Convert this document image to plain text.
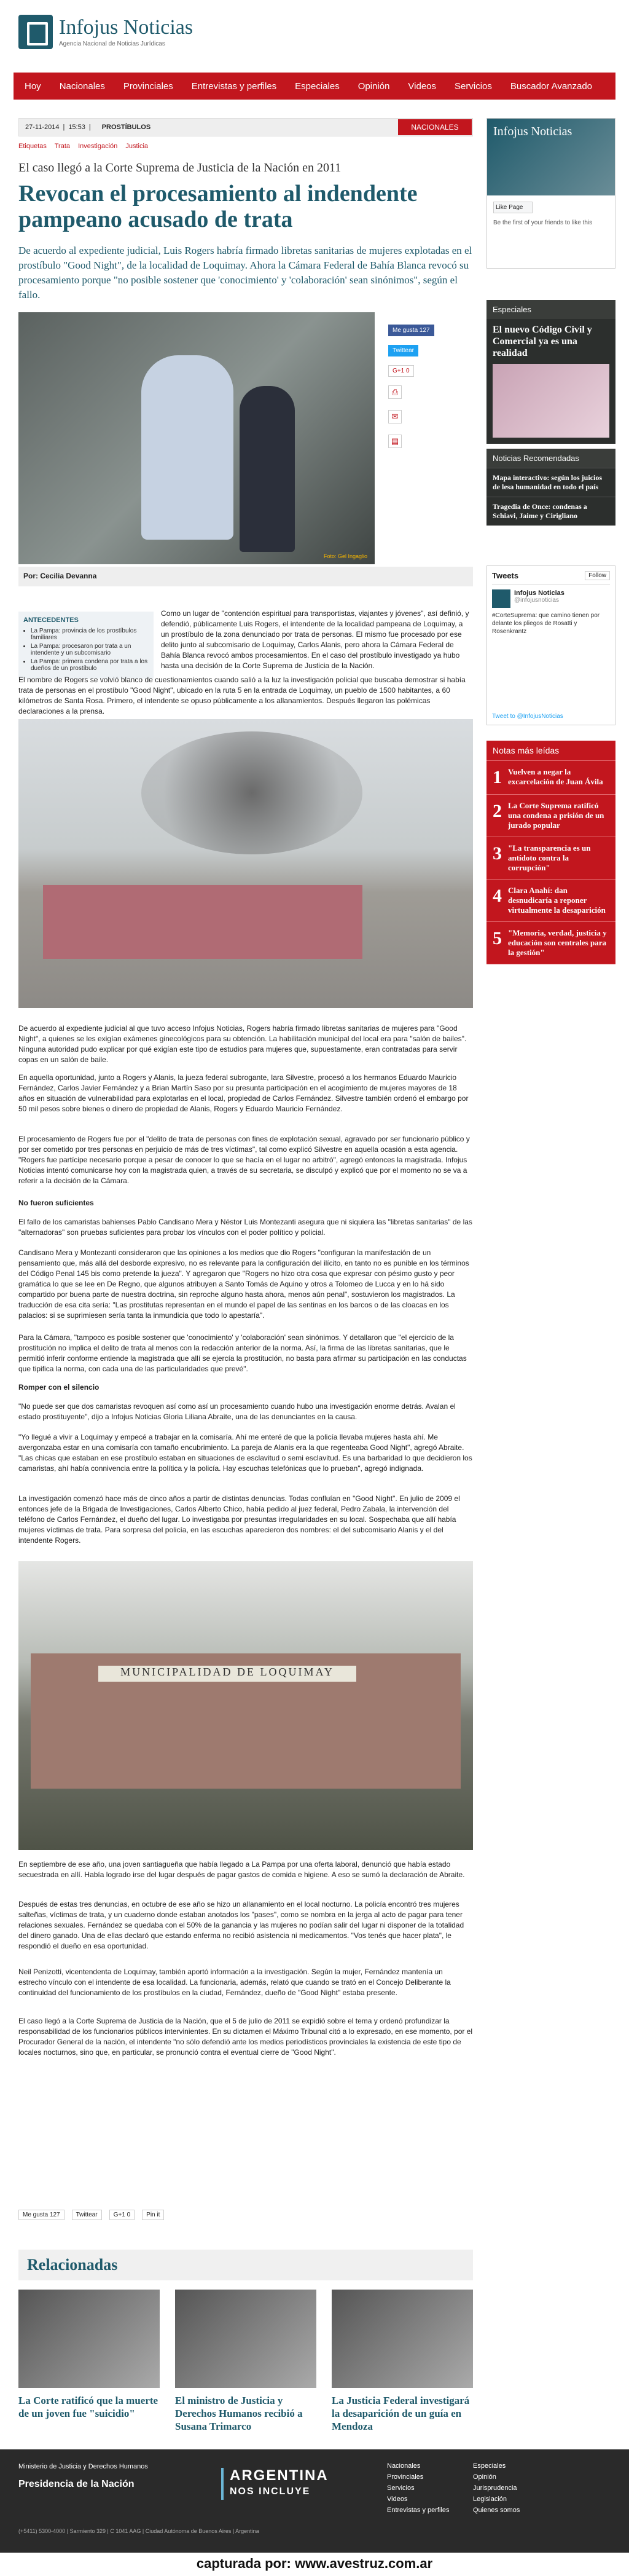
Infojus Noticias
Agencia Nacional de Noticias Jurídicas
Hoy Nacionales Provinciales Entrevistas y perfiles Especiales Opinión Videos Servicios Buscador Avanzado
27-11-2014 | 15:53 | PROSTÍBULOS	NACIONALES
Etiquetas Trata Investigación Justicia
El caso llegó a la Corte Suprema de Justicia de la Nación en 2011
Revocan el procesamiento al indendente pampeano acusado de trata
De acuerdo al expediente judicial, Luis Rogers habría firmado libretas sanitarias de mujeres explotadas en el prostíbulo "Good Night", de la localidad de Loquimay. Ahora la Cámara Federal de Bahía Blanca revocó su procesamiento porque "no posible sostener que 'conocimiento' y 'colaboración' sean sinónimos", según el fallo.
Foto: Gel Ingaglio
Por: Cecilia Devanna
Me gusta 127
Twittear
G+1 0
⎙
✉
▤
ANTECEDENTES
• La Pampa: provincia de los prostíbulos familiares
• La Pampa: procesaron por trata a un intendente y un subcomisario
• La Pampa: primera condena por trata a los dueños de un prostíbulo

Como un lugar de "contención espiritual para transportistas, viajantes y jóvenes", así definió, y defendió, públicamente Luis Rogers, el intendente de la localidad pampeana de Loquimay, a un prostíbulo de la zona denunciado por trata de personas. El mismo fue procesado por ese delito junto al subcomisario de Loquimay, Carlos Alanis, pero ahora la Cámara Federal de Bahía Blanca revocó ambos procesamientos. En el caso del prostíbulo investigado ya hubo hasta una decisión de la Corte Suprema de Justicia de la Nación.

El nombre de Rogers se volvió blanco de cuestionamientos cuando salió a la luz la investigación policial que buscaba demostrar si había trata de personas en el prostíbulo "Good Night", ubicado en la ruta 5 en la entrada de Loquimay, un pueblo de 1500 habitantes, a 60 kilómetros de Santa Rosa. Primero, el intendente se opuso públicamente a los allanamientos. Después llegaron las polémicas declaraciones a la prensa.

De acuerdo al expediente judicial al que tuvo acceso Infojus Noticias, Rogers habría firmado libretas sanitarias de mujeres para "Good Night", a quienes se les exigían exámenes ginecológicos para su obtención. La habilitación municipal del local era para "salón de bailes". Ninguna autoridad pudo explicar por qué exigían este tipo de estudios para mujeres que, supuestamente, eran contratadas para servir copas en un salón de baile.

En aquella oportunidad, junto a Rogers y Alanis, la jueza federal subrogante, Iara Silvestre, procesó a los hermanos Eduardo Mauricio Fernández, Carlos Javier Fernández y a Brian Martín Saso por su presunta participación en el acogimiento de mujeres mayores de 18 años en situación de vulnerabilidad para explotarlas en el local, propiedad de Carlos Fernández. Silvestre también ordenó el embargo por 50 mil pesos sobre bienes o dinero de propiedad de Alanis, Rogers y Eduardo Mauricio Fernández.

El procesamiento de Rogers fue por el "delito de trata de personas con fines de explotación sexual, agravado por ser funcionario público y por ser cometido por tres personas en perjuicio de más de tres víctimas", tal como explicó Silvestre en aquella ocasión a esta agencia. "Rogers fue partícipe necesario porque a pesar de conocer lo que se hacía en el lugar no arbitró", agregó entonces la magistrada. Infojus Noticias intentó comunicarse hoy con la magistrada quien, a través de su secretaria, se disculpó y explicó que por el momento no se va a referir a la decisión de la Cámara.

No fueron suficientes

El fallo de los camaristas bahienses Pablo Candisano Mera y Néstor Luis Montezanti asegura que ni siquiera las "libretas sanitarias" de las "alternadoras" son pruebas suficientes para probar los vínculos con el poder político y policial.

Candisano Mera y Montezanti consideraron que las opiniones a los medios que dio Rogers "configuran la manifestación de un pensamiento que, más allá del desborde expresivo, no es relevante para la configuración del ilícito, en tanto no es punible en los términos del Código Penal 145 bis como pretende la jueza". Y agregaron que "Rogers no hizo otra cosa que expresar con pésimo gusto y peor gramática lo que se lee en De Regno, que algunos atribuyen a Santo Tomás de Aquino y otros a Tolomeo de Lucca y en lo há sido compartido por buena parte de nuestra doctrina, sin reproche alguno hasta ahora, menos aún penal", sostuvieron los magistrados. La traducción de esa cita sería: "Las prostitutas representan en el mundo el papel de las sentinas en los barcos o de las cloacas en los palacios: si se suprimiesen sería tanta la inmundicia que todo lo apestaría".

Para la Cámara, "tampoco es posible sostener que 'conocimiento' y 'colaboración' sean sinónimos. Y detallaron que "el ejercicio de la prostitución no implica el delito de trata al menos con la redacción anterior de la norma. Así, la firma de las libretas sanitarias, que le permitió inferir conforme entiende la magistrada que allí se ejercía la prostitución, no basta para afirmar su participación en las conductas que tipifica la norma, con cada una de las particularidades que prevé".

Romper con el silencio

"No puede ser que dos camaristas revoquen así como así un procesamiento cuando hubo una investigación enorme detrás. Avalan el estado prostituyente", dijo a Infojus Noticias Gloria Liliana Abraite, una de las denunciantes en la causa.

"Yo llegué a vivir a Loquimay y empecé a trabajar en la comisaría. Ahí me enteré de que la policía llevaba mujeres hasta ahí. Me avergonzaba estar en una comisaría con tamaño encubrimiento. La pareja de Alanis era la que regenteaba Good Night", agregó Abraite. "Las chicas que estaban en ese prostíbulo estaban en situaciones de esclavitud o semi esclavitud. Es una barbaridad lo que decidieron los camaristas, ahí había connivencia entre la política y la policía. Hay escuchas telefónicas que lo prueban", agregó indignada.

La investigación comenzó hace más de cinco años a partir de distintas denuncias. Todas confluían en "Good Night". En julio de 2009 el entonces jefe de la Brigada de Investigaciones, Carlos Alberto Chico, había pedido al juez federal, Pedro Zabala, la intervención del teléfono de Carlos Fernández, el dueño del lugar. Lo investigaba por presuntas irregularidades en su local. Sospechaba que allí había mujeres víctimas de trata. Para sorpresa del policía, en las escuchas aparecieron dos nombres: el del subcomisario Alanis y el del intendente Rogers.

MUNICIPALIDAD DE LOQUIMAY

En septiembre de ese año, una joven santiagueña que había llegado a La Pampa por una oferta laboral, denunció que había estado secuestrada en allí. Había logrado irse del lugar después de pagar gastos de comida e higiene. A eso se sumó la declaración de Abraite.

Después de estas tres denuncias, en octubre de ese año se hizo un allanamiento en el local nocturno. La policía encontró tres mujeres salteñas, víctimas de trata, y un cuaderno donde estaban anotados los "pases", como se nombra en la jerga al acto de pagar para tener relaciones sexuales. Fernández se quedaba con el 50% de la ganancia y las mujeres no podían salir del lugar ni disponer de la totalidad del dinero ganado. Una de ellas declaró que estando enferma no recibió asistencia ni medicamentos. "Vos tenés que hacer plata", le respondió el dueño en esa oportunidad.

Neil Penizotti, vicentendenta de Loquimay, también aportó información a la investigación. Según la mujer, Fernández mantenía un estrecho vínculo con el intendente de esa localidad. La funcionaria, además, relató que cuando se trató en el Concejo Deliberante la continuidad del funcionamiento de los prostíbulos en la ciudad, Fernández, dueño de "Good Night" estaba presente.

El caso llegó a la Corte Suprema de Justicia de la Nación, que el 5 de julio de 2011 se expidió sobre el tema y ordenó profundizar la responsabilidad de los funcionarios públicos intervinientes. En su dictamen el Máximo Tribunal citó a lo expresado, en ese momento, por el Procurador General de la nación, el intendente "no sólo defendió ante los medios periodísticos provinciales la existencia de este tipo de locales nocturnos, sino que, en particular, se pronunció contra el eventual cierre de "Good Night".

Me gusta 127	Twittear	G+1 0	Pin it
Relacionadas
La Corte ratificó que la muerte de un joven fue "suicidio"
El ministro de Justicia y Derechos Humanos recibió a Susana Trimarco
La Justicia Federal investigará la desaparición de un guía en Mendoza
Infojus Noticias
Like Page
Be the first of your friends to like this
Especiales
El nuevo Código Civil y Comercial ya es una realidad
Noticias Recomendadas
Mapa interactivo: según los juicios de lesa humanidad en todo el país
Tragedia de Once: condenas a Schiavi, Jaime y Cirigliano
Tweets	Follow
Infojus Noticias
@infojusnoticias
#CorteSuprema: que camino tienen por delante los pliegos de Rosatti y Rosenkrantz
Tweet to @InfojusNoticias
Notas más leídas
1 Vuelven a negar la excarcelación de Juan Ávila
2 La Corte Suprema ratificó una condena a prisión de un jurado popular
3 "La transparencia es un antídoto contra la corrupción"
4 Clara Anahí: dan desnudicaría a reponer virtualmente la desaparición
5 "Memoria, verdad, justicia y educación son centrales para la gestión"
Ministerio de Justicia y Derechos Humanos
Presidencia de la Nación
(+5411) 5300-4000 | Sarmiento 329 | C 1041 AAG | Ciudad Autónoma de Buenos Aires | Argentina
ARGENTINA
NOS INCLUYE
Nacionales	Especiales
Provinciales	Opinión
Servicios	Jurisprudencia
Videos	Legislación
Entrevistas y perfiles	Quienes somos
capturada por: www.avestruz.com.ar
